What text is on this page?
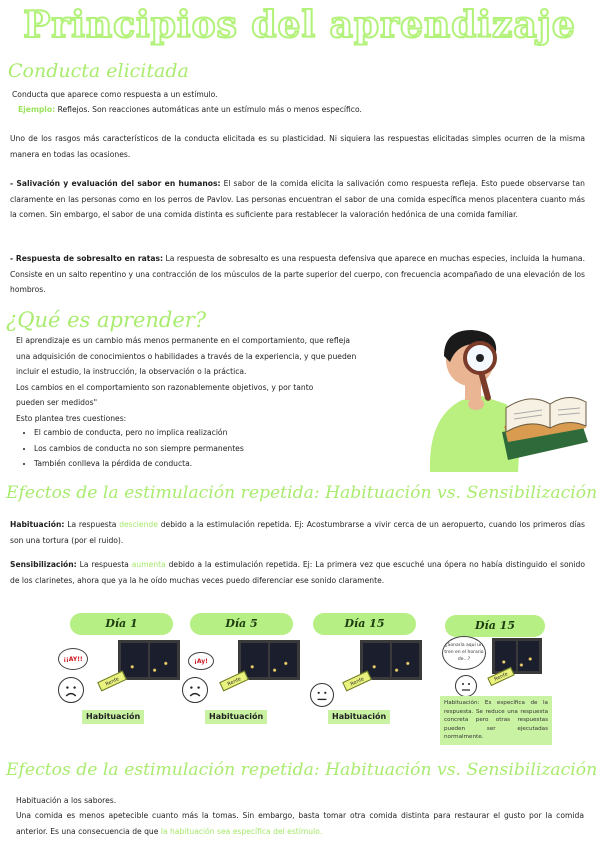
Principios del aprendizaje
Conducta elicitada
Conducta que aparece como respuesta a un estímulo.
Ejemplo: Reflejos. Son reacciones automáticas ante un estímulo más o menos específico.
Uno de los rasgos más característicos de la conducta elicitada es su plasticidad. Ni siquiera las respuestas elicitadas simples ocurren de la misma manera en todas las ocasiones.
- Salivación y evaluación del sabor en humanos: El sabor de la comida elicita la salivación como respuesta refleja. Esto puede observarse tan claramente en las personas como en los perros de Pavlov. Las personas encuentran el sabor de una comida específica menos placentera cuanto más la comen. Sin embargo, el sabor de una comida distinta es suficiente para restablecer la valoración hedónica de una comida familiar.
- Respuesta de sobresalto en ratas: La respuesta de sobresalto es una respuesta defensiva que aparece en muchas especies, incluida la humana. Consiste en un salto repentino y una contracción de los músculos de la parte superior del cuerpo, con frecuencia acompañado de una elevación de los hombros.
¿Qué es aprender?
El aprendizaje es un cambio más menos permanente en el comportamiento, que refleja
una adquisición de conocimientos o habilidades a través de la experiencia, y que pueden
incluir el estudio, la instrucción, la observación o la práctica.
Los cambios en el comportamiento son razonablemente objetivos, y por tanto
pueden ser medidos"
Esto plantea tres cuestiones:
• El cambio de conducta, pero no implica realización
• Los cambios de conducta no son siempre permanentes
• También conlleva la pérdida de conducta.
Efectos de la estimulación repetida: Habituación vs. Sensibilización
Habituación: La respuesta desciende debido a la estimulación repetida. Ej: Acostumbrarse a vivir cerca de un aeropuerto, cuando los primeros días son una tortura (por el ruido).
Sensibilización: La respuesta aumenta debido a la estimulación repetida. Ej: La primera vez que escuché una ópera no había distinguido el sonido de los clarinetes, ahora que ya la he oído muchas veces puedo diferenciar ese sonido claramente.
Día 1
¡¡AY!!
Renfe
Habituación
Día 5
¡Ay!
Renfe
Habituación
Día 15
Renfe
Habituación
Día 15
¿Sonaría aquí un tren en el horario de...?
Renfe
Habituación: Es específica de la respuesta. Se reduce una respuesta concreta pero otras respuestas pueden ser ejecutadas normalmente.
Efectos de la estimulación repetida: Habituación vs. Sensibilización
Habituación a los sabores.
Una comida es menos apetecible cuanto más la tomas. Sin embargo, basta tomar otra comida distinta para restaurar el gusto por la comida anterior. Es una consecuencia de que la habituación sea específica del estímulo.
